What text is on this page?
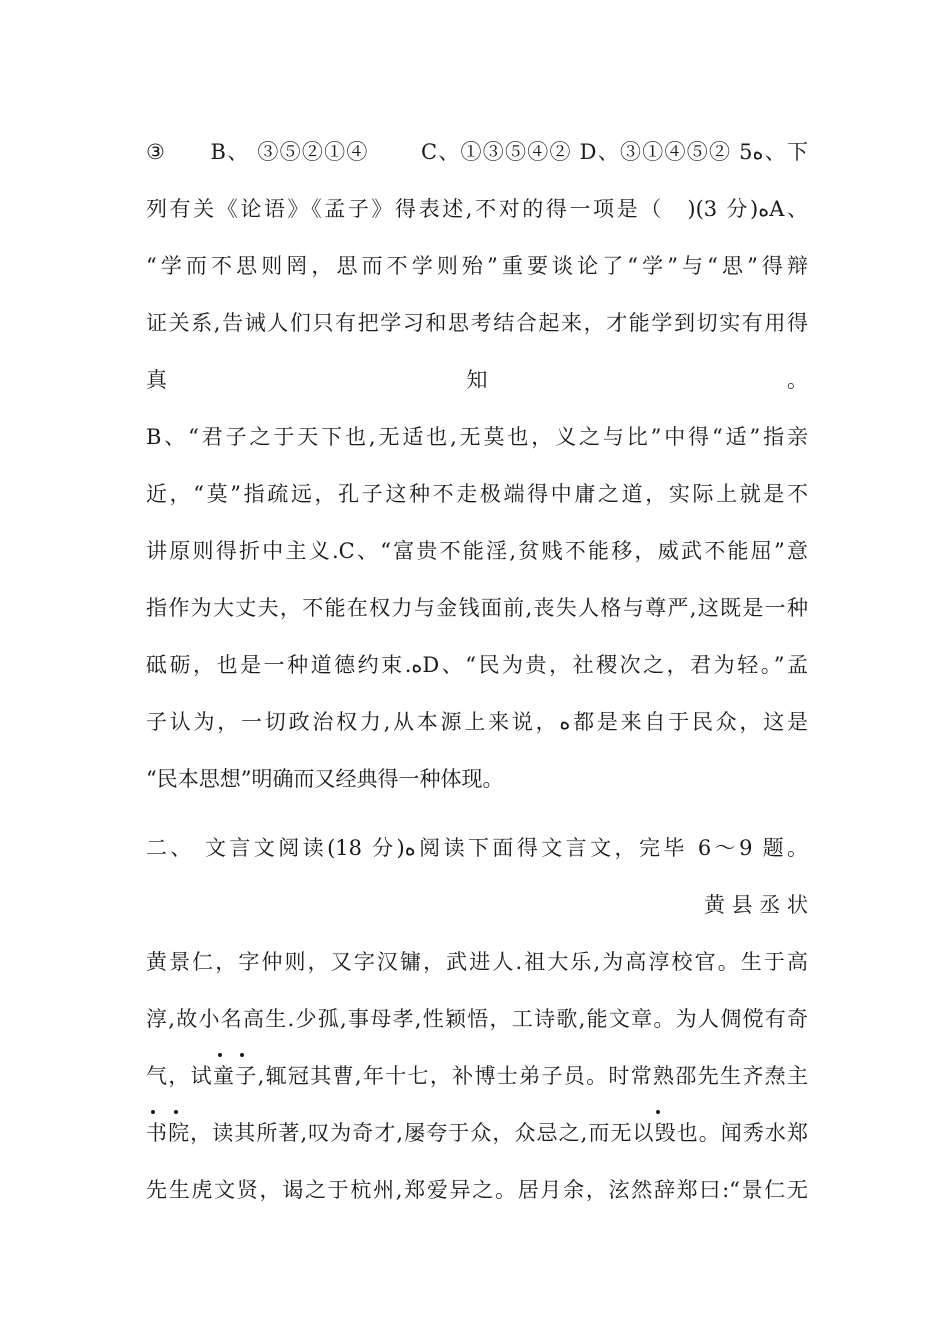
③　　B、 ③⑤②①④　　 C、①③⑤④② D、③①④⑤② 5ﻩ、下
列有关《论语》《孟子》得表述,不对的得一项是（　)(3 分)ﻩA、
“学而不思则罔，思而不学则殆”重要谈论了“学”与“思”得辩
证关系,告诫人们只有把学习和思考结合起来，才能学到切实有用得
真　　　　　　　　　　　　　知　　　　　　　　　　　　　。
B、“君子之于天下也,无适也,无莫也，义之与比”中得“适”指亲
近，“莫”指疏远，孔子这种不走极端得中庸之道，实际上就是不
讲原则得折中主义.C、“富贵不能淫,贫贱不能移，威武不能屈”意
指作为大丈夫，不能在权力与金钱面前,丧失人格与尊严,这既是一种
砥砺，也是一种道德约束.ﻩD、“民为贵，社稷次之，君为轻。”孟
子认为，一切政治权力,从本源上来说，ﻩ都是来自于民众，这是
“民本思想”明确而又经典得一种体现。
二、 文言文阅读(18 分)ﻩ阅读下面得文言文，完毕 6～9 题。
黄 县 丞 状
黄景仁，字仲则，又字汉镛，武进人.祖大乐,为高淳校官。生于高
淳,故小名高生.少孤,事母孝,性颖悟，工诗歌,能文章。为人倜傥有奇
气，试童子,辄冠其曹,年十七，补博士弟子员。时常熟邵先生齐焘主
书院，读其所著,叹为奇才,屡夸于众，众忌之,而无以毁也。闻秀水郑
先生虎文贤，谒之于杭州,郑爱异之。居月余，泫然辞郑曰:“景仁无
